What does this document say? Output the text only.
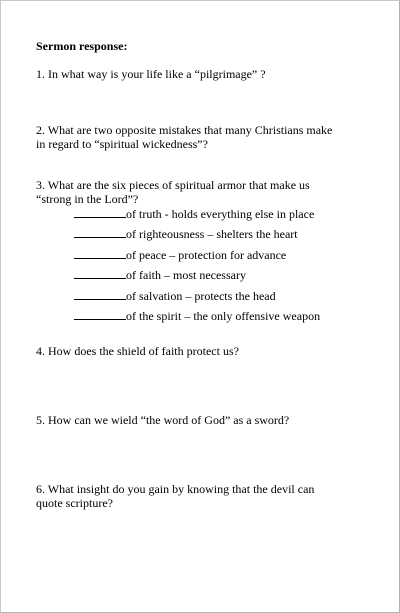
Sermon response:
1. In what way is your life like a “pilgrimage” ?
2. What are two opposite mistakes that many Christians make
in regard to “spiritual wickedness”?
3. What are the six pieces of spiritual armor that make us
“strong in the Lord”?
of truth - holds everything else in place
of righteousness – shelters the heart
of peace – protection for advance
of faith – most necessary
of salvation – protects the head
of the spirit – the only offensive weapon
4. How does the shield of faith protect us?
5. How can we wield “the word of God” as a sword?
6. What insight do you gain by knowing that the devil can
quote scripture?
